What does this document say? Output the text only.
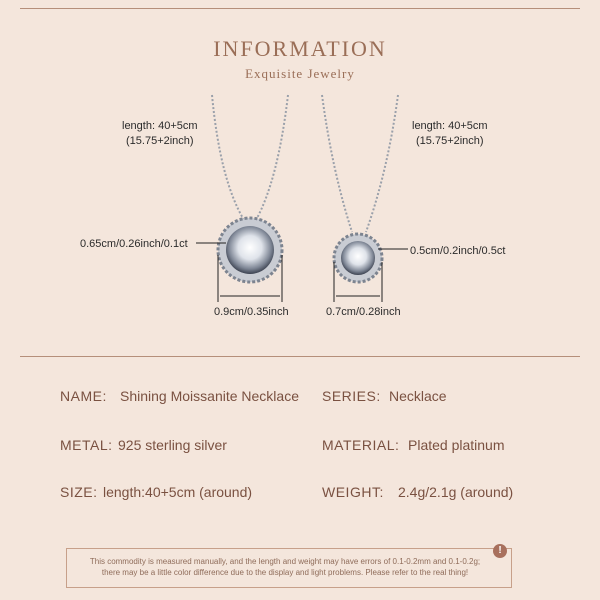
INFORMATION
Exquisite Jewelry
length: 40+5cm
(15.75+2inch)
0.65cm/0.26inch/0.1ct
0.9cm/0.35inch
length: 40+5cm
(15.75+2inch)
0.5cm/0.2inch/0.5ct
0.7cm/0.28inch
NAME: Shining Moissanite Necklace SERIES: Necklace
METAL: 925 sterling silver	MATERIAL: Plated platinum
SIZE: length:40+5cm (around)	WEIGHT: 2.4g/2.1g (around)
!
This commodity is measured manually, and the length and weight may have errors of 0.1-0.2mm and 0.1-0.2g;
there may be a little color difference due to the display and light problems. Please refer to the real thing!
